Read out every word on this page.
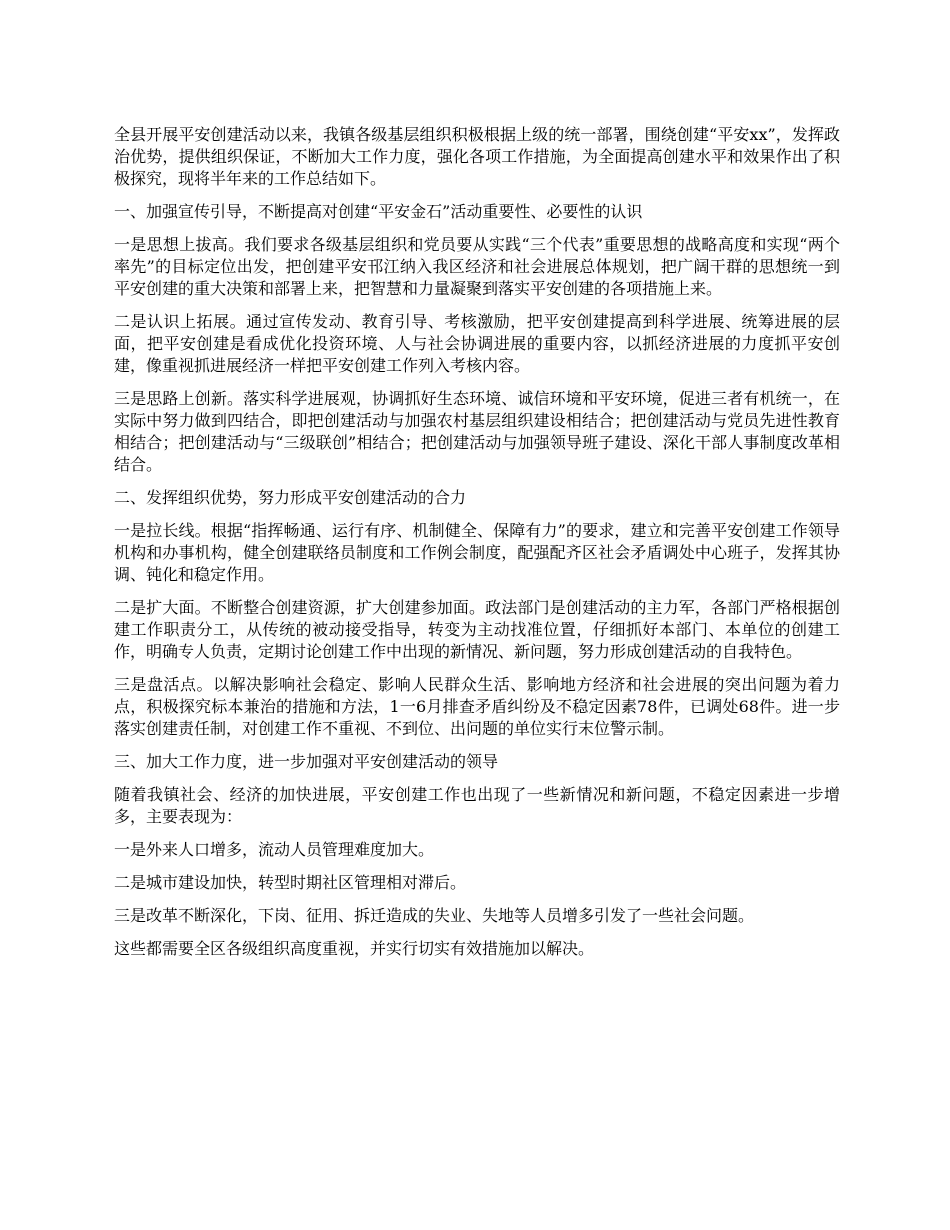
全县开展平安创建活动以来，我镇各级基层组织积极根据上级的统一部署，围绕创建“平安xx”，发挥政治优势，提供组织保证，不断加大工作力度，强化各项工作措施，为全面提高创建水平和效果作出了积极探究，现将半年来的工作总结如下。

一、加强宣传引导，不断提高对创建“平安金石”活动重要性、必要性的认识

一是思想上拔高。我们要求各级基层组织和党员要从实践“三个代表”重要思想的战略高度和实现“两个率先”的目标定位出发，把创建平安邗江纳入我区经济和社会进展总体规划，把广阔干群的思想统一到平安创建的重大决策和部署上来，把智慧和力量凝聚到落实平安创建的各项措施上来。

二是认识上拓展。通过宣传发动、教育引导、考核激励，把平安创建提高到科学进展、统筹进展的层面，把平安创建是看成优化投资环境、人与社会协调进展的重要内容，以抓经济进展的力度抓平安创建，像重视抓进展经济一样把平安创建工作列入考核内容。

三是思路上创新。落实科学进展观，协调抓好生态环境、诚信环境和平安环境，促进三者有机统一，在实际中努力做到四结合，即把创建活动与加强农村基层组织建设相结合；把创建活动与党员先进性教育相结合；把创建活动与“三级联创”相结合；把创建活动与加强领导班子建设、深化干部人事制度改革相结合。

二、发挥组织优势，努力形成平安创建活动的合力

一是拉长线。根据“指挥畅通、运行有序、机制健全、保障有力”的要求，建立和完善平安创建工作领导机构和办事机构，健全创建联络员制度和工作例会制度，配强配齐区社会矛盾调处中心班子，发挥其协调、钝化和稳定作用。

二是扩大面。不断整合创建资源，扩大创建参加面。政法部门是创建活动的主力军，各部门严格根据创建工作职责分工，从传统的被动接受指导，转变为主动找准位置，仔细抓好本部门、本单位的创建工作，明确专人负责，定期讨论创建工作中出现的新情况、新问题，努力形成创建活动的自我特色。

三是盘活点。以解决影响社会稳定、影响人民群众生活、影响地方经济和社会进展的突出问题为着力点，积极探究标本兼治的措施和方法，1一6月排查矛盾纠纷及不稳定因素78件，已调处68件。进一步落实创建责任制，对创建工作不重视、不到位、出问题的单位实行末位警示制。

三、加大工作力度，进一步加强对平安创建活动的领导

随着我镇社会、经济的加快进展，平安创建工作也出现了一些新情况和新问题，不稳定因素进一步增多，主要表现为：

一是外来人口增多，流动人员管理难度加大。

二是城市建设加快，转型时期社区管理相对滞后。

三是改革不断深化，下岗、征用、拆迁造成的失业、失地等人员增多引发了一些社会问题。

这些都需要全区各级组织高度重视，并实行切实有效措施加以解决。
